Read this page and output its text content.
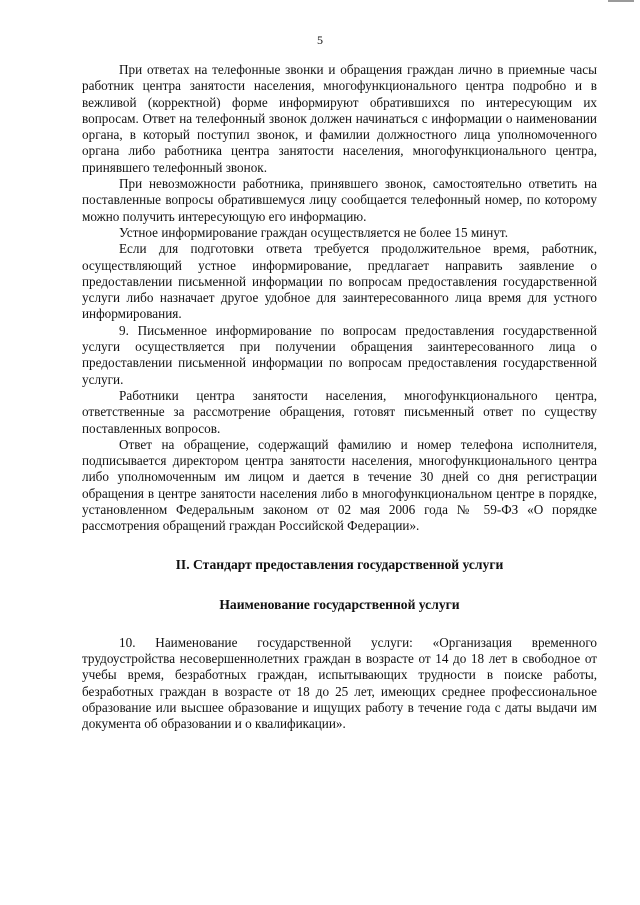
5

При ответах на телефонные звонки и обращения граждан лично в приемные часы работник центра занятости населения, многофункционального центра подробно и в вежливой (корректной) форме информируют обратившихся по интересующим их вопросам. Ответ на телефонный звонок должен начинаться с информации о наименовании органа, в который поступил звонок, и фамилии должностного лица уполномоченного органа либо работника центра занятости населения, многофункционального центра, принявшего телефонный звонок.

При невозможности работника, принявшего звонок, самостоятельно ответить на поставленные вопросы обратившемуся лицу сообщается телефонный номер, по которому можно получить интересующую его информацию.

Устное информирование граждан осуществляется не более 15 минут.

Если для подготовки ответа требуется продолжительное время, работник, осуществляющий устное информирование, предлагает направить заявление о предоставлении письменной информации по вопросам предоставления государственной услуги либо назначает другое удобное для заинтересованного лица время для устного информирования.

9. Письменное информирование по вопросам предоставления государственной услуги осуществляется при получении обращения заинтересованного лица о предоставлении письменной информации по вопросам предоставления государственной услуги.

Работники центра занятости населения, многофункционального центра, ответственные за рассмотрение обращения, готовят письменный ответ по существу поставленных вопросов.

Ответ на обращение, содержащий фамилию и номер телефона исполнителя, подписывается директором центра занятости населения, многофункционального центра либо уполномоченным им лицом и дается в течение 30 дней со дня регистрации обращения в центре занятости населения либо в многофункциональном центре в порядке, установленном Федеральным законом от 02 мая 2006 года № 59-ФЗ «О порядке рассмотрения обращений граждан Российской Федерации».

II. Стандарт предоставления государственной услуги
Наименование государственной услуги

10. Наименование государственной услуги: «Организация временного трудоустройства несовершеннолетних граждан в возрасте от 14 до 18 лет в свободное от учебы время, безработных граждан, испытывающих трудности в поиске работы, безработных граждан в возрасте от 18 до 25 лет, имеющих среднее профессиональное образование или высшее образование и ищущих работу в течение года с даты выдачи им документа об образовании и о квалификации».
